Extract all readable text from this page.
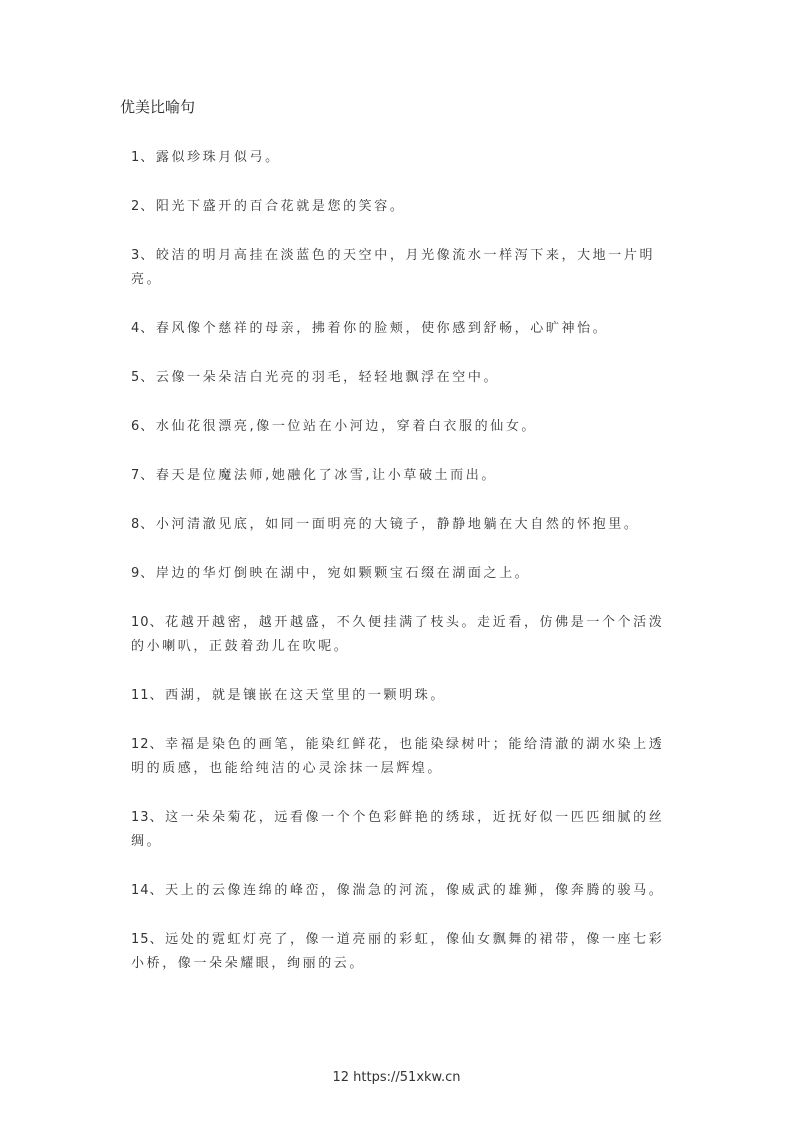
优美比喻句
1、露似珍珠月似弓。
2、阳光下盛开的百合花就是您的笑容。
3、皎洁的明月高挂在淡蓝色的天空中，月光像流水一样泻下来，大地一片明亮。
4、春风像个慈祥的母亲，拂着你的脸颊，使你感到舒畅，心旷神怡。
5、云像一朵朵洁白光亮的羽毛，轻轻地飘浮在空中。
6、水仙花很漂亮,像一位站在小河边，穿着白衣服的仙女。
7、春天是位魔法师,她融化了冰雪,让小草破土而出。
8、小河清澈见底，如同一面明亮的大镜子，静静地躺在大自然的怀抱里。
9、岸边的华灯倒映在湖中，宛如颗颗宝石缀在湖面之上。
10、花越开越密，越开越盛，不久便挂满了枝头。走近看，仿佛是一个个活泼的小喇叭，正鼓着劲儿在吹呢。
11、西湖，就是镶嵌在这天堂里的一颗明珠。
12、幸福是染色的画笔，能染红鲜花，也能染绿树叶；能给清澈的湖水染上透明的质感，也能给纯洁的心灵涂抹一层辉煌。
13、这一朵朵菊花，远看像一个个色彩鲜艳的绣球，近抚好似一匹匹细腻的丝绸。
14、天上的云像连绵的峰峦，像湍急的河流，像威武的雄狮，像奔腾的骏马。
15、远处的霓虹灯亮了，像一道亮丽的彩虹，像仙女飘舞的裙带，像一座七彩小桥，像一朵朵耀眼，绚丽的云。
12 https://51xkw.cn
